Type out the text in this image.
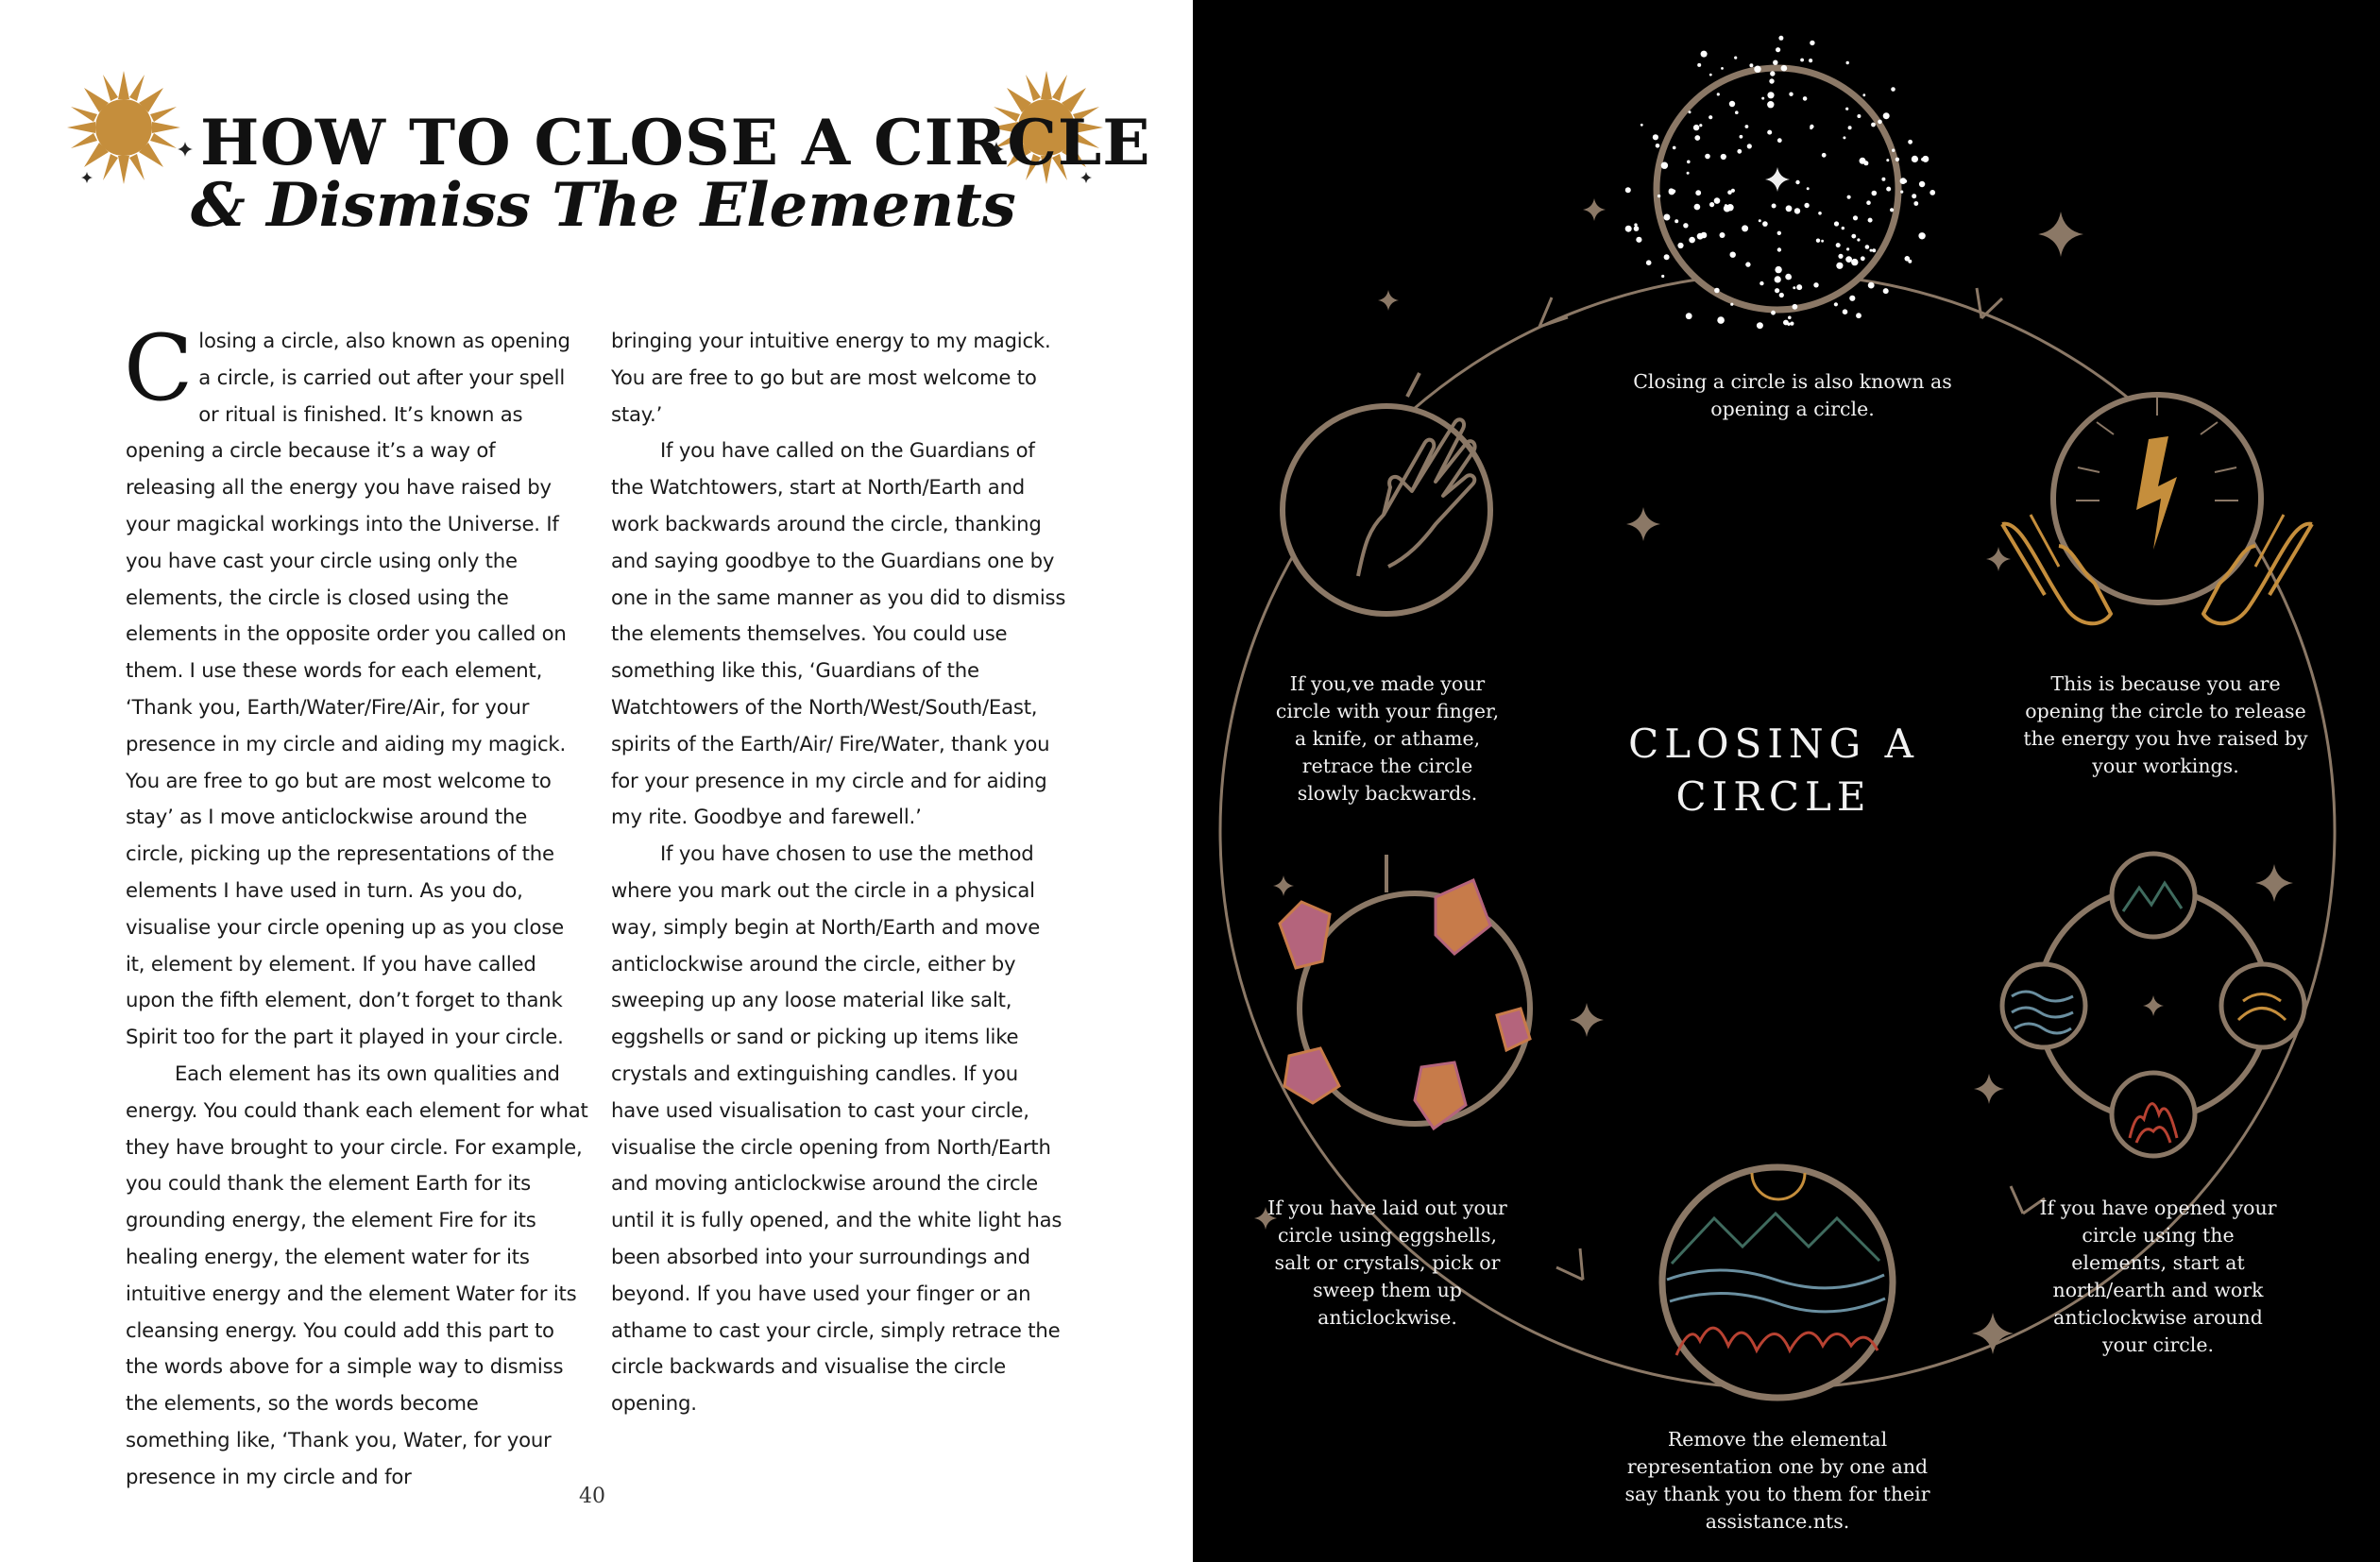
HOW TO CLOSE A CIRCLE
& Dismiss The Elements

Closing a circle, also known as opening a circle, is carried out after your spell or ritual is finished. It’s known as opening a circle because it’s a way of releasing all the energy you have raised by your magickal workings into the Universe. If you have cast your circle using only the elements, the circle is closed using the elements in the opposite order you called on them. I use these words for each element, ‘Thank you, Earth/Water/Fire/Air, for your presence in my circle and aiding my magick. You are free to go but are most welcome to stay’ as I move anticlockwise around the circle, picking up the representations of the elements I have used in turn. As you do, visualise your circle opening up as you close it, element by element. If you have called upon the fifth element, don’t forget to thank Spirit too for the part it played in your circle.

Each element has its own qualities and energy. You could thank each element for what they have brought to your circle. For example, you could thank the element Earth for its grounding energy, the element Fire for its healing energy, the element water for its intuitive energy and the element Water for its cleansing energy. You could add this part to the words above for a simple way to dismiss the elements, so the words become something like, ‘Thank you, Water, for your presence in my circle and for

bringing your intuitive energy to my magick. You are free to go but are most welcome to stay.’

If you have called on the Guardians of the Watchtowers, start at North/Earth and work backwards around the circle, thanking and saying goodbye to the Guardians one by one in the same manner as you did to dismiss the elements themselves. You could use something like this, ‘Guardians of the Watchtowers of the North/West/South/East, spirits of the Earth/Air/ Fire/Water, thank you for your presence in my circle and for aiding my rite. Goodbye and farewell.’

If you have chosen to use the method where you mark out the circle in a physical way, simply begin at North/Earth and move anticlockwise around the circle, either by sweeping up any loose material like salt, eggshells or sand or picking up items like crystals and extinguishing candles. If you have used visualisation to cast your circle, visualise the circle opening from North/Earth and moving anticlockwise around the circle until it is fully opened, and the white light has been absorbed into your surroundings and beyond. If you have used your finger or an athame to cast your circle, simply retrace the circle backwards and visualise the circle opening.

40

Closing a circle is also known as opening a circle.

This is because you are opening the circle to release the energy you hve raised by your workings.

If you,ve made your circle with your finger, a knife, or athame, retrace the circle slowly backwards.

If you have laid out your circle using eggshells, salt or crystals, pick or sweep them up anticlockwise.

If you have opened your circle using the elements, start at north/earth and work anticlockwise around your circle.

Remove the elemental representation one by one and say thank you to them for their assistance.nts.

CLOSING A CIRCLE
